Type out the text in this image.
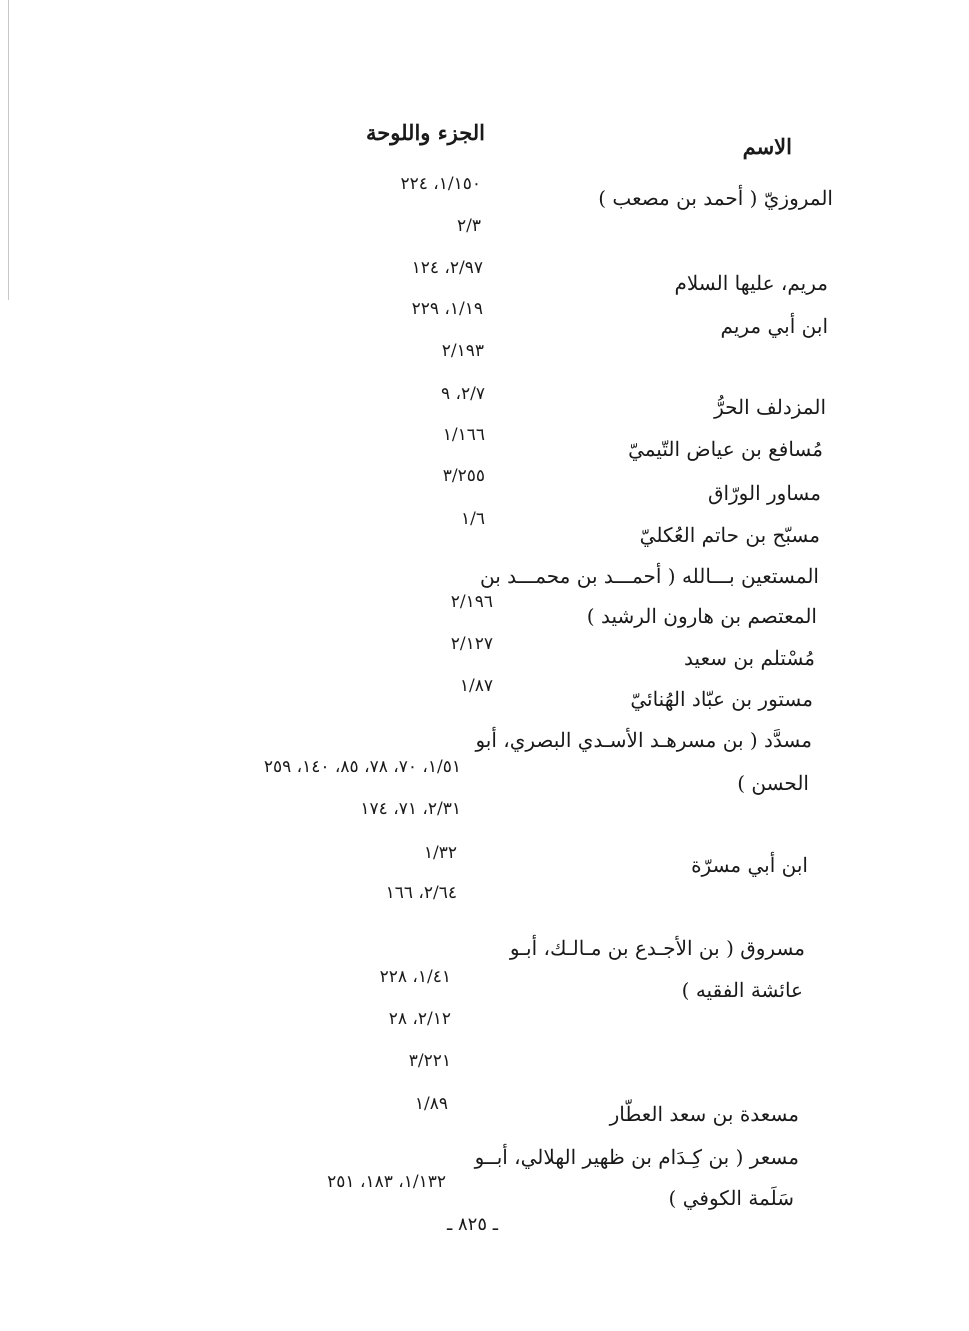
الاسم
الجزء واللوحة
المروزيّ ( أحمد بن مصعب )
مريم، عليها السلام
ابن أبي مريم
المزدلف الحرُّ
مُسافع بن عياض التّيميّ
مساور الورّاق
مسبّح بن حاتم العُكليّ
المستعين بـــالله ( أحمـــد بن محمـــد بن
المعتصم بن هارون الرشيد )
مُسْتلم بن سعيد
مستور بن عبّاد الهُنائيّ
مسدَّد ( بن مسرهـد الأسـدي البصري، أبو
الحسن )
ابن أبي مسرّة
مسروق ( بن الأجـدع بن مـالـك، أبـو
عائشة الفقيه )
مسعدة بن سعد العطّار
مسعر ( بن كِـدَام بن ظهير الهلالي، أبــو
سَلَمة الكوفي )
١/١٥٠، ٢٢٤
٢/٣
٢/٩٧، ١٢٤
١/١٩، ٢٢٩
٢/١٩٣
٢/٧، ٩
١/١٦٦
٣/٢٥٥
١/٦
٢/١٩٦
٢/١٢٧
١/٨٧
١/٥١، ٧٠، ٧٨، ٨٥، ١٤٠، ٢٥٩
٢/٣١، ٧١، ١٧٤
١/٣٢
٢/٦٤، ١٦٦
١/٤١، ٢٢٨
٢/١٢، ٢٨
٣/٢٢١
١/٨٩
١/١٣٢، ١٨٣، ٢٥١
ـ ٨٢٥ ـ
